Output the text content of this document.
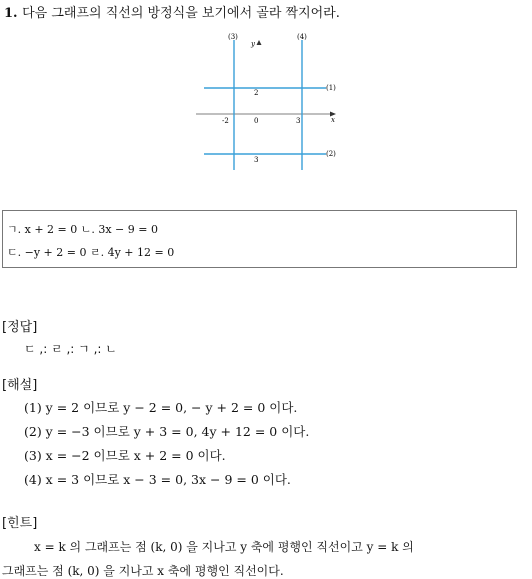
1. 다음 그래프의 직선의 방정식을 보기에서 골라 짝지어라.
x
y
(3)	(4)
(1)
(2)
2
-2	0	3
3
ㄱ. x + 2 = 0 ㄴ. 3x − 9 = 0
ㄷ. −y + 2 = 0 ㄹ. 4y + 12 = 0
[정답]
ㄷ ,: ㄹ ,: ㄱ ,: ㄴ
[해설]
(1) y = 2 이므로 y − 2 = 0, − y + 2 = 0 이다.
(2) y = −3 이므로 y + 3 = 0, 4y + 12 = 0 이다.
(3) x = −2 이므로 x + 2 = 0 이다.
(4) x = 3 이므로 x − 3 = 0, 3x − 9 = 0 이다.
[힌트]
x = k 의 그래프는 점 (k, 0) 을 지나고 y 축에 평행인 직선이고 y = k 의
그래프는 점 (k, 0) 을 지나고 x 축에 평행인 직선이다.
